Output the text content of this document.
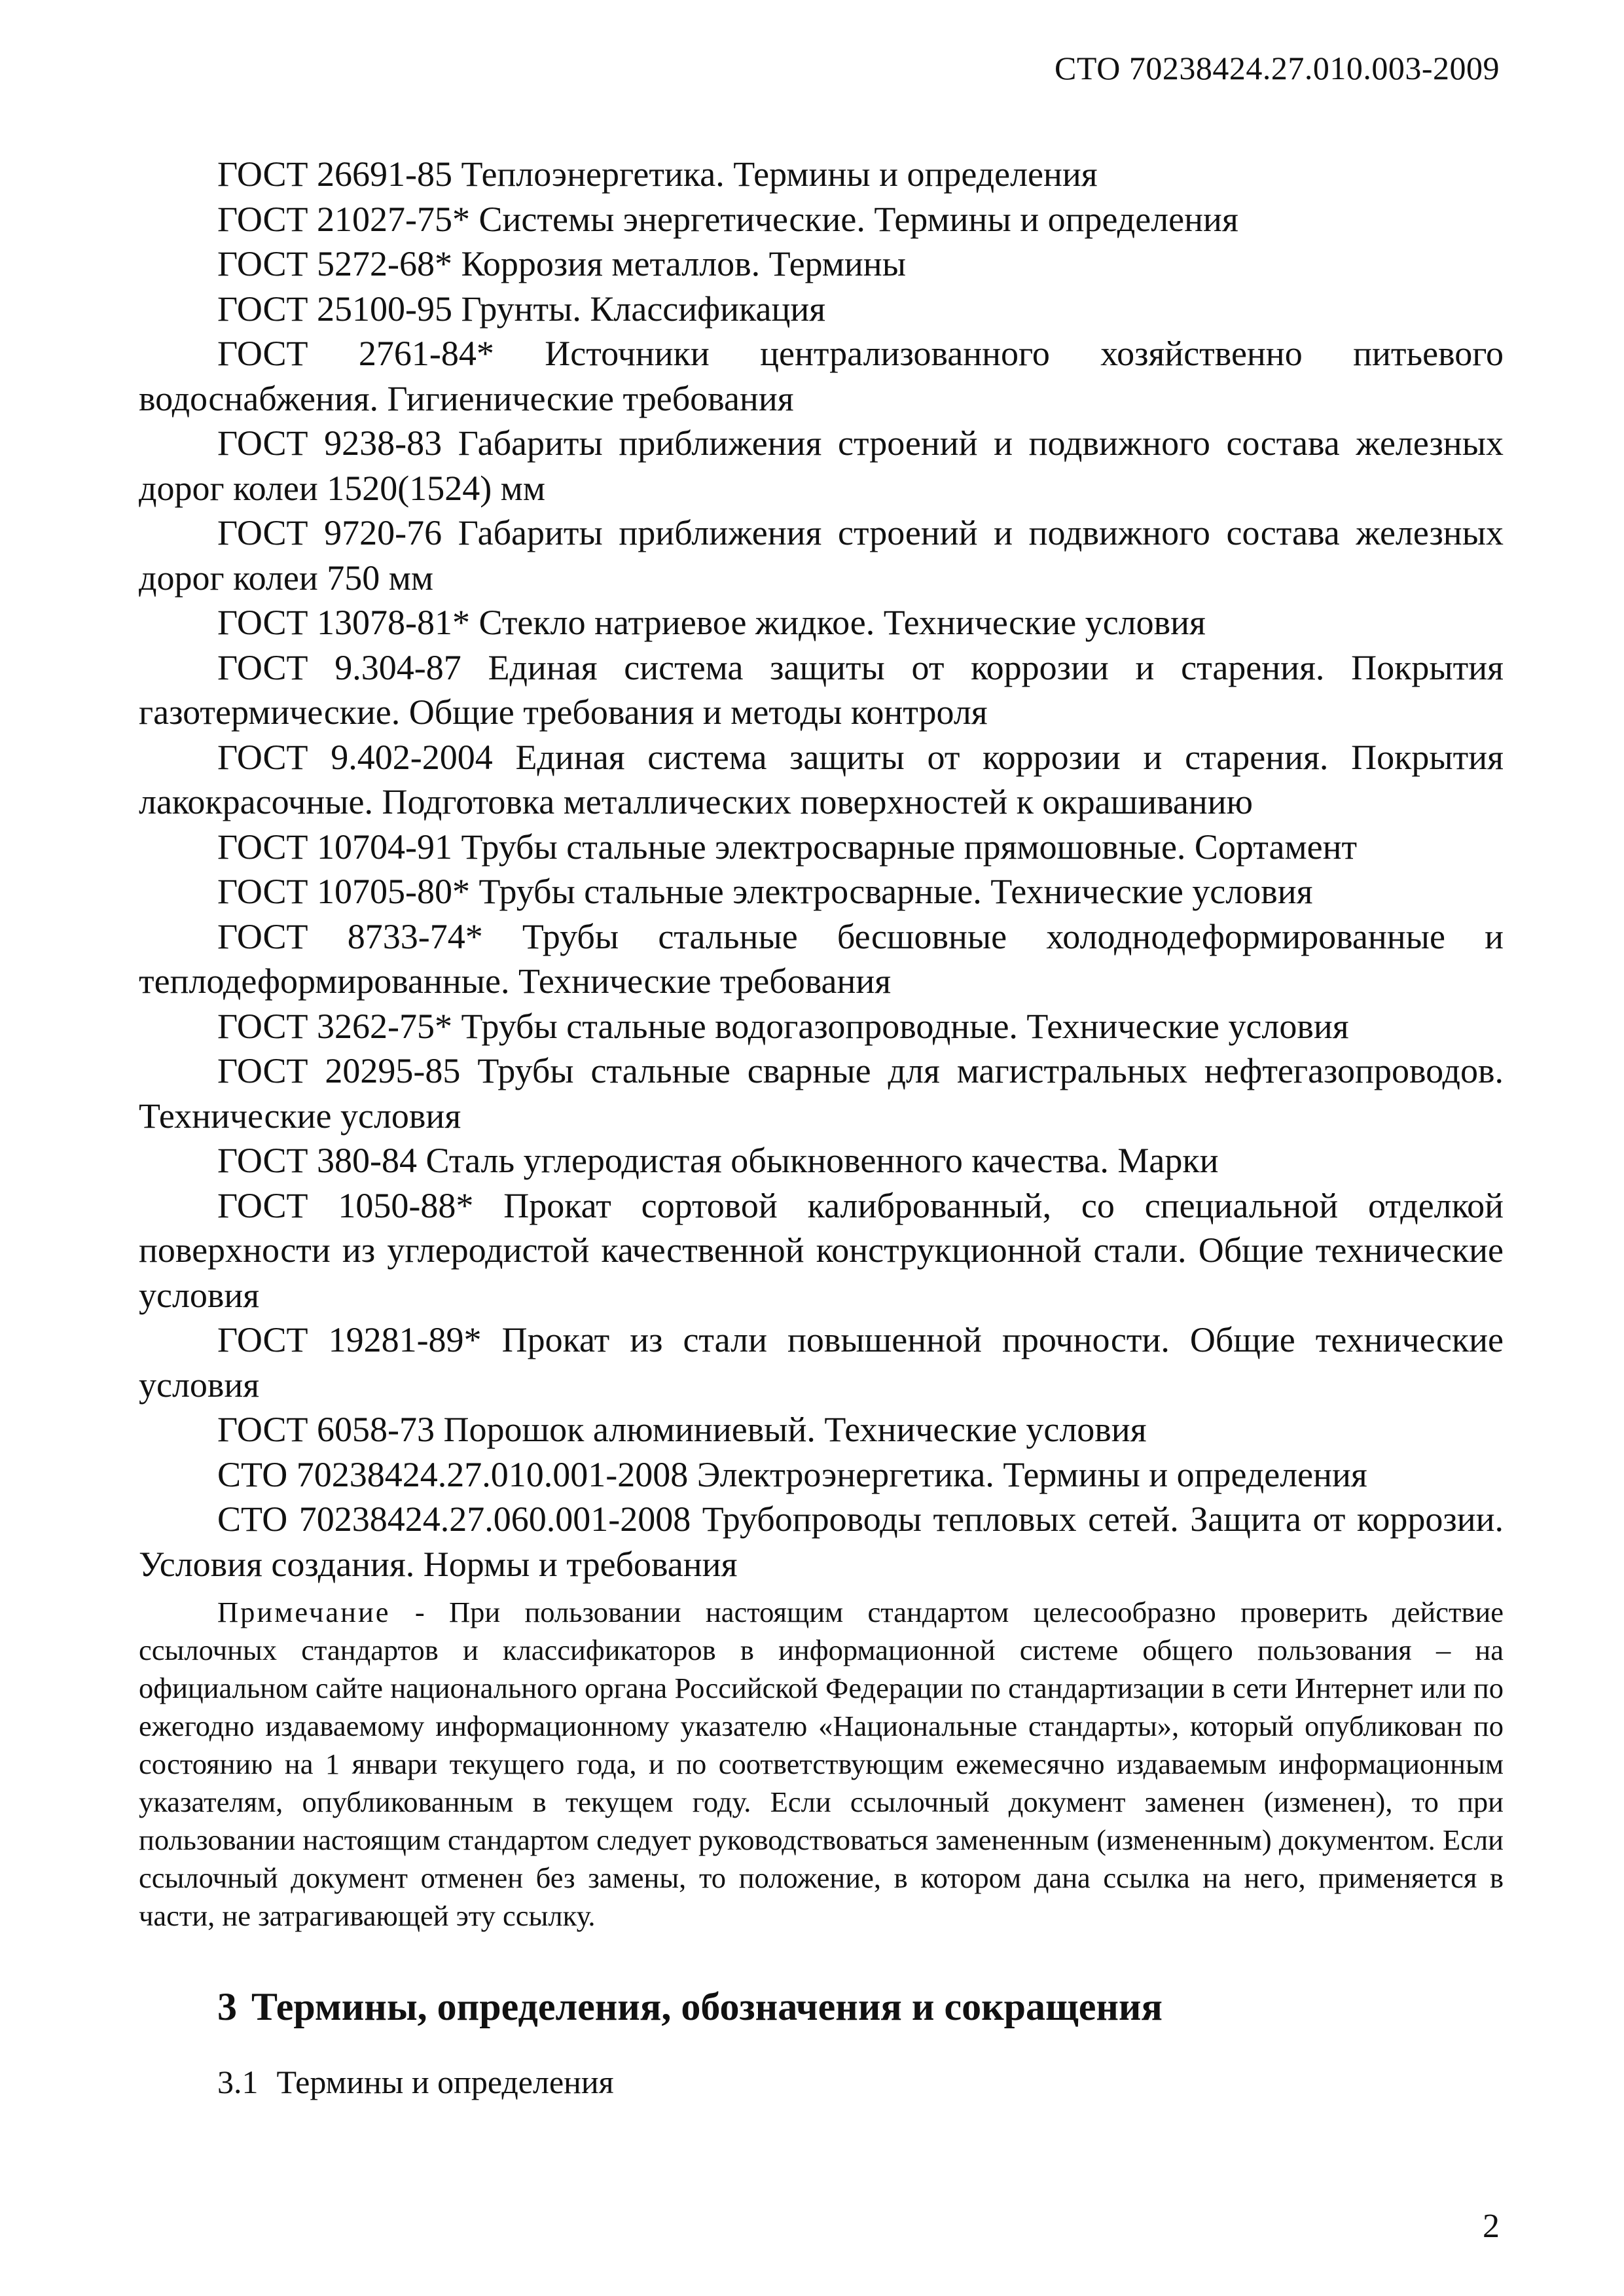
СТО 70238424.27.010.003-2009

ГОСТ 26691-85 Теплоэнергетика. Термины и определения

ГОСТ 21027-75* Системы энергетические. Термины и определения

ГОСТ 5272-68* Коррозия металлов. Термины

ГОСТ 25100-95 Грунты. Классификация

ГОСТ 2761-84* Источники централизованного хозяйственно питьевого водоснабжения. Гигиенические требования

ГОСТ 9238-83 Габариты приближения строений и подвижного состава железных дорог колеи 1520(1524) мм

ГОСТ 9720-76 Габариты приближения строений и подвижного состава железных дорог колеи 750 мм

ГОСТ 13078-81* Стекло натриевое жидкое. Технические условия

ГОСТ 9.304-87 Единая система защиты от коррозии и старения. Покрытия газотермические. Общие требования и методы контроля

ГОСТ 9.402-2004 Единая система защиты от коррозии и старения. Покрытия лакокрасочные. Подготовка металлических поверхностей к окрашиванию

ГОСТ 10704-91 Трубы стальные электросварные прямошовные. Сортамент

ГОСТ 10705-80* Трубы стальные электросварные. Технические условия

ГОСТ 8733-74* Трубы стальные бесшовные холоднодеформированные и теплодеформированные. Технические требования

ГОСТ 3262-75* Трубы стальные водогазопроводные. Технические условия

ГОСТ 20295-85 Трубы стальные сварные для магистральных нефтегазопроводов. Технические условия

ГОСТ 380-84 Сталь углеродистая обыкновенного качества. Марки

ГОСТ 1050-88* Прокат сортовой калиброванный, со специальной отделкой поверхности из углеродистой качественной конструкционной стали. Общие технические условия

ГОСТ 19281-89* Прокат из стали повышенной прочности. Общие технические условия

ГОСТ 6058-73 Порошок алюминиевый. Технические условия

СТО 70238424.27.010.001-2008 Электроэнергетика. Термины и определения

СТО 70238424.27.060.001-2008 Трубопроводы тепловых сетей. Защита от коррозии. Условия создания. Нормы и требования

Примечание - При пользовании настоящим стандартом целесообразно проверить действие ссылочных стандартов и классификаторов в информационной системе общего пользования – на официальном сайте национального органа Российской Федерации по стандартизации в сети Интернет или по ежегодно издаваемому информационному указателю «Национальные стандарты», который опубликован по состоянию на 1 январи текущего года, и по соответствующим ежемесячно издаваемым информационным указателям, опубликованным в текущем году. Если ссылочный документ заменен (изменен), то при пользовании настоящим стандартом следует руководствоваться замененным (измененным) документом. Если ссылочный документ отменен без замены, то положение, в котором дана ссылка на него, применяется в части, не затрагивающей эту ссылку.

3 Термины, определения, обозначения и сокращения

3.1 Термины и определения

2
